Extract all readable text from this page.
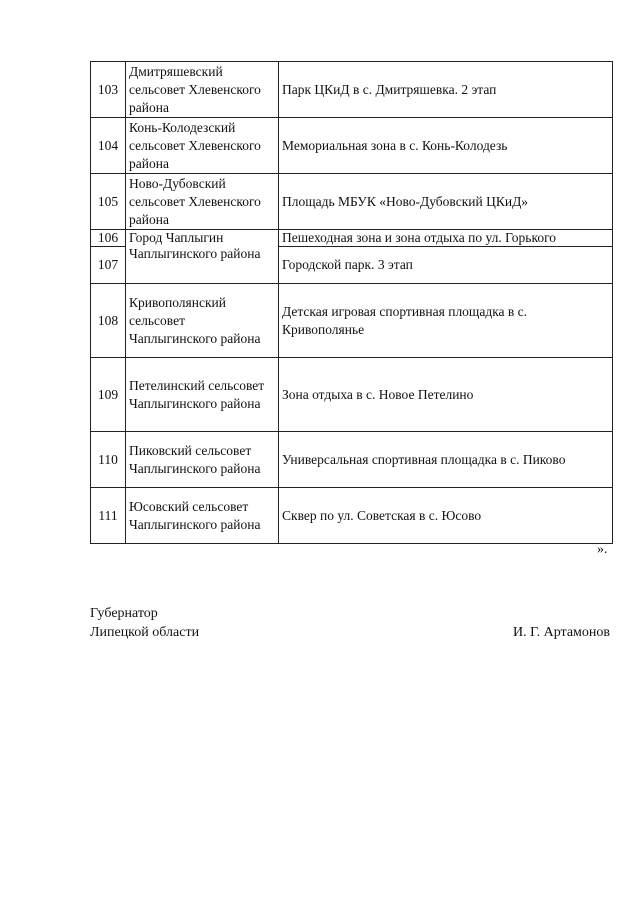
103	Дмитряшевский сельсовет Хлевенского района	Парк ЦКиД в с. Дмитряшевка. 2 этап
104	Конь-Колодезский сельсовет Хлевенского района	Мемориальная зона в с. Конь-Колодезь
105	Ново-Дубовский сельсовет Хлевенского района	Площадь МБУК «Ново-Дубовский ЦКиД»
106	Город Чаплыгин Чаплыгинского района	Пешеходная зона и зона отдыха по ул. Горького
107		Городской парк. 3 этап
108	Кривополянский сельсовет Чаплыгинского района	Детская игровая спортивная площадка в с. Кривополянье
109	Петелинский сельсовет Чаплыгинского района	Зона отдыха в с. Новое Петелино
110	Пиковский сельсовет Чаплыгинского района	Универсальная спортивная площадка в с. Пиково
111	Юсовский сельсовет Чаплыгинского района	Сквер по ул. Советская в с. Юсово
».
Губернатор
Липецкой области	И. Г. Артамонов
